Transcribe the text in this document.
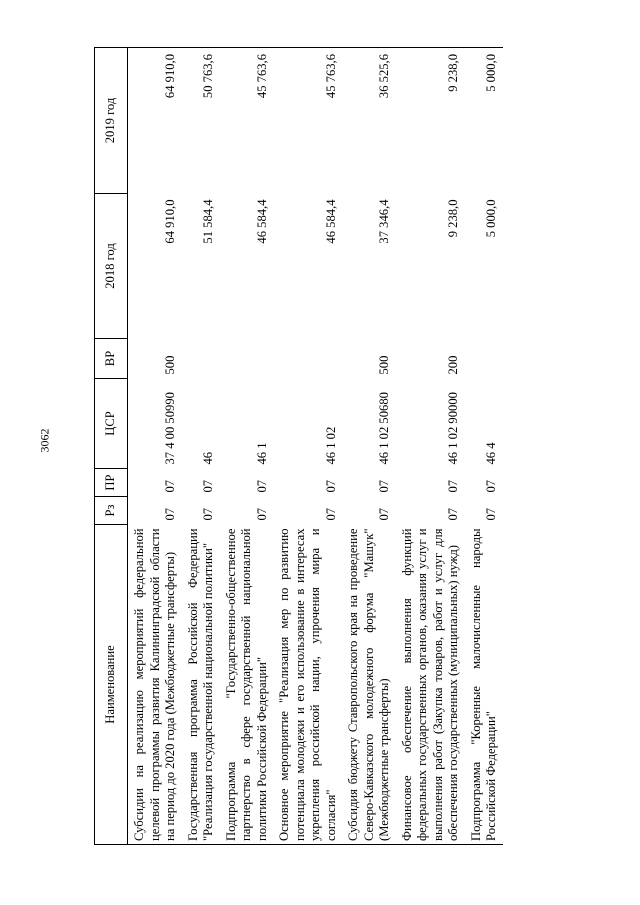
3062
Наименование	Рз	ПР	ЦСР	ВР	2018 год	2019 год
Субсидии на реализацию мероприятий федеральной целевой программы развития Калининградской области на период до 2020 года (Межбюджетные трансферты)	07	07	37 4 00 50990	500	64 910,0	64 910,0
Государственная программа Российской Федерации "Реализация государственной национальной политики"	07	07	46		51 584,4	50 763,6
Подпрограмма "Государственно-общественное партнерство в сфере государственной национальной политики Российской Федерации"	07	07	46 1		46 584,4	45 763,6
Основное мероприятие "Реализация мер по развитию потенциала молодежи и его использование в интересах укрепления российской нации, упрочения мира и согласия"	07	07	46 1 02		46 584,4	45 763,6
Субсидия бюджету Ставропольского края на проведение Северо-Кавказского молодежного форума "Машук" (Межбюджетные трансферты)	07	07	46 1 02 50680	500	37 346,4	36 525,6
Финансовое обеспечение выполнения функций федеральных государственных органов, оказания услуг и выполнения работ (Закупка товаров, работ и услуг для обеспечения государственных (муниципальных) нужд)	07	07	46 1 02 90000	200	9 238,0	9 238,0
Подпрограмма "Коренные малочисленные народы Российской Федерации"	07	07	46 4		5 000,0	5 000,0
